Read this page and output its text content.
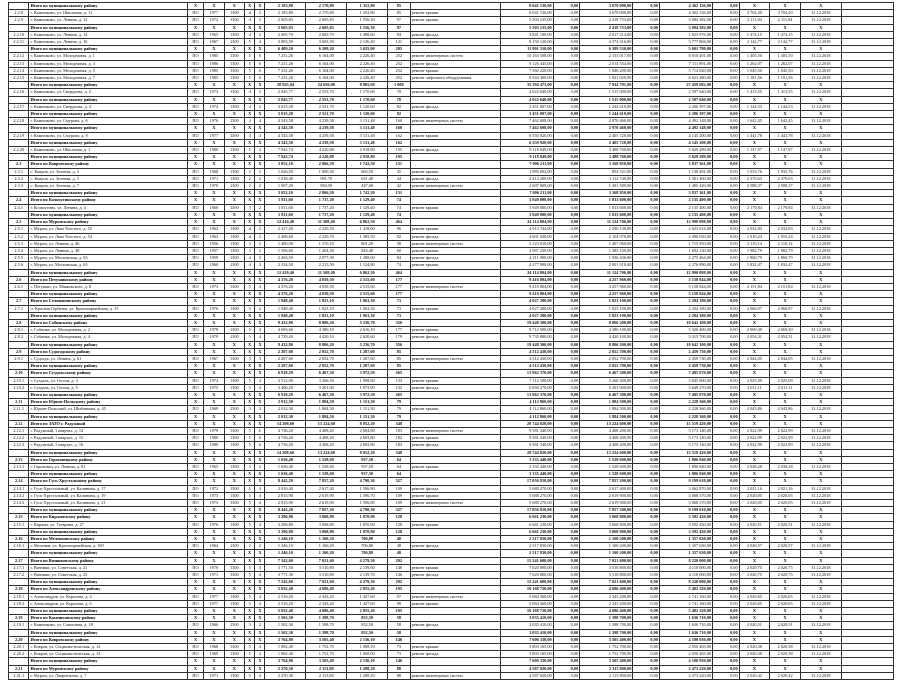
	Итого по муниципальному району	X	X	X	X	X	2 183,80	2 170,80	1 352,80	85		8 041 136,00	0,00	3 679 000,00	0,00	4 362 136,00	0,00	X	X	X	
2.2.8	г. Камешково, ул. Школьная, д. 11	ПО	1977	1300	4	3	2 183,80	2 170,80	1 352,80	85	ремонт крыши	8 041 136,00	0,00	3 679 000,00	0,00	4 362 136,00	0,00	3 704,20	3 704,20	31.12.2018	
2.2.9	г. Камешково, ул. Ленина, д. 12	ПО	1972	1300	4	3	2 605,83	2 605,83	1 556,30	97	ремонт крыши	5 503 135,00	0,00	2 418 753,00	0,00	3 084 382,00	0,00	2 111,84	2 111,84	31.12.2018	
	Итого по муниципальному району	X	X	X	X	X	2 605,83	2 605,83	1 556,30	97		5 503 135,00	0,00	2 418 753,00	0,00	3 084 382,00	0,00	X	X	X	
2.2.10	г. Камешково, ул. Ленина, д. 14	ПО	1965	1300	4	3	2 605,70	2 605,70	1 498,60	84	ремонт фасада	3 841 190,00	0,00	2 017 214,00	0,00	1 823 976,00	0,00	1 474,15	1 474,15	31.12.2018	
2.2.11	г. Камешково, ул. Ленина, д. 16	ПО	1967	1300	5	4	3 803,50	3 603,50	2 126,40	121	ремонт крыши	8 150 120,00	0,00	4 372 316,00	0,00	3 777 804,00	0,00	2 142,77	2 142,77	31.12.2018	
	Итого по муниципальному району	X	X	X	X	X	6 409,20	6 209,20	3 625,00	205		11 991 310,00	0,00	6 389 530,00	0,00	5 601 780,00	0,00	X	X	X	
2.2.12	г. Камешково, ул. Молодежная, д. 1	ПО	1985	1300	5	6	7 231,26	6 164,00	2 226,40	252	ремонт инженерных систем	10 163 508,00	0,00	2 153 017,00	0,00	8 010 491,00	0,00	1 405,50	1 405,50	31.12.2018	
2.2.13	г. Камешково, ул. Молодежная, д. 3	ПО	1986	1300	5	6	7 231,26	6 164,00	2 226,40	252	ремонт фасада	9 126 445,00	0,00	2 014 554,00	0,00	7 111 891,00	0,00	1 262,07	1 262,07	31.12.2018	
2.2.14	г. Камешково, ул. Молодежная, д. 5	ПО	1985	1300	5	6	7 231,26	6 164,00	2 226,40	252	ремонт крыши	7 560 220,00	0,00	1 846 200,00	0,00	5 714 020,00	0,00	1 045,50	1 045,50	31.12.2018	
2.2.15	г. Камешково, ул. Молодежная, д. 7	ПО	1985	1300	5	6	7 231,26	6 164,00	2 226,40	252	ремонт лифтового оборудования	8 544 300,00	0,00	1 921 020,00	0,00	6 623 280,00	0,00	1 181,56	1 181,56	31.12.2018	
	Итого по муниципальному району	X	X	X	X	X	28 925,04	24 656,00	8 905,60	1 008		35 394 473,00	0,00	7 934 791,00	0,00	27 459 682,00	0,00	X	X	X	
2.2.16	г. Камешково, ул. Свердлова, д. 2	ПО	1973	1300	4	3	2 845,77	2 553,70	1 170,60	78	ремонт крыши	4 022 640,00	0,00	1 515 000,00	0,00	2 507 640,00	0,00	1 413,55	1 413,55	31.12.2018	
	Итого по муниципальному району	X	X	X	X	X	2 845,77	2 553,70	1 170,60	78		4 022 640,00	0,00	1 515 000,00	0,00	2 507 640,00	0,00	X	X	X	
2.2.17	г. Камешково, ул. Свердлова, д. 4	ПО	1974	1300	4	3	3 015,28	2 521,70	1 120,60	82	ремонт фасада	3 451 007,00	0,00	1 244 610,00	0,00	2 206 397,00	0,00	1 144,53	1 144,53	31.12.2018	
	Итого по муниципальному району	X	X	X	X	X	3 015,28	2 521,70	1 120,60	82		3 451 007,00	0,00	1 244 610,00	0,00	2 206 397,00	0,00	X	X	X	
2.2.18	г. Камешково, ул. Смурова, д. 6	ПО	1976	1300	4	4	4 543,58	4 239,58	3 131,48	160	ремонт инженерных систем	7 462 608,00	0,00	2 970 460,00	0,00	4 492 148,00	0,00	1 642,45	1 642,45	31.12.2018	
	Итого по муниципальному району	X	X	X	X	X	4 543,58	4 239,58	3 131,48	160		7 462 608,00	0,00	2 970 460,00	0,00	4 492 148,00	0,00	X	X	X	
2.2.19	г. Камешково, ул. Смурова, д. 8	ПО	1977	1300	4	4	4 543,58	4 239,58	3 131,48	162	ремонт крыши	6 550 920,00	0,00	2 405 720,00	0,00	4 145 200,00	0,00	1 441,78	1 441,78	31.12.2018	
	Итого по муниципальному району	X	X	X	X	X	4 543,58	4 239,58	3 131,48	162		6 550 920,00	0,00	2 405 720,00	0,00	4 145 200,00	0,00	X	X	X	
2.2.20	г. Камешково, ул. Школьная, д. 1	ПО	1980	1300	5	4	7 942,74	4 220,88	2 918,80	195	ремонт фасада	9 118 049,00	0,00	3 488 760,00	0,00	5 629 289,00	0,00	1 147,97	1 147,97	31.12.2018	
	Итого по муниципальному району	X	X	X	X	X	7 942,74	4 220,88	2 918,80	195		9 118 049,00	0,00	3 488 760,00	0,00	5 629 289,00	0,00	X	X	X	
2.3	Итого по Ковровскому району	X	X	X	X	X	3 052,10	2 866,50	1 742,50	131		7 006 211,00	0,00	3 168 850,00	0,00	3 837 361,00	0,00	X	X	X	
2.3.1	с. Ковров, ул. Зеленая, д. 3	ПО	1968	1300	2	2	1 026,50	1 000,30	663,50	45	ремонт крыши	1 985 002,00	0,00	854 521,00	0,00	1 130 481,00	0,00	1 933,76	1 933,76	31.12.2018	
2.3.2	с. Ковров, ул. Зеленая, д. 5	ПО	1971	1300	2	2	1 018,40	981,70	631,40	44	ремонт фасада	2 414 200,00	0,00	1 112 740,00	0,00	1 301 460,00	0,00	2 370,63	2 370,63	31.12.2018	
2.3.3	с. Ковров, ул. Зеленая, д. 7	ПО	1970	1300	2	2	1 007,20	884,50	447,60	42	ремонт инженерных систем	2 607 009,00	0,00	1 201 589,00	0,00	1 405 420,00	0,00	2 588,37	2 588,37	31.12.2018	
	Итого по муниципальному району	X	X	X	X	X	3 052,10	2 866,50	1 742,50	131		7 006 211,00	0,00	3 168 850,00	0,00	3 837 361,00	0,00	X	X	X	
2.4	Итого по Кольчугинскому району	X	X	X	X	X	1 811,60	1 737,20	1 129,40	74		3 949 000,00	0,00	1 813 600,00	0,00	2 135 400,00	0,00	X	X	X	
2.4.1	г. Кольчугино, ул. Ленина, д. 4	ПО	1960	1300	3	2	1 811,60	1 737,20	1 129,40	74	ремонт крыши	3 949 000,00	0,00	1 813 600,00	0,00	2 135 400,00	0,00	2 179,84	2 179,84	31.12.2018	
	Итого по муниципальному району	X	X	X	X	X	1 811,60	1 737,20	1 129,40	74		3 949 000,00	0,00	1 813 600,00	0,00	2 135 400,00	0,00	X	X	X	
2.5	Итого по Муромскому району	X	X	X	X	X	12 410,40	11 508,40	6 862,50	464		24 114 804,00	0,00	11 124 706,00	0,00	12 990 098,00	0,00	X	X	X	
2.5.1	г. Муром, ул. Льва Толстого, д. 52	ПО	1962	1300	4	3	2 417,20	2 220,50	1 418,00	96	ремонт крыши	4 913 744,00	0,00	2 290 130,00	0,00	2 623 614,00	0,00	2 032,83	2 032,83	31.12.2018	
2.5.2	г. Муром, ул. Льва Толстого, д. 54	ПО	1963	1300	4	3	2 408,60	2 220,70	1 385,50	92	ремонт фасада	4 601 020,00	0,00	2 104 970,00	0,00	2 496 050,00	0,00	1 910,24	1 910,24	31.12.2018	
2.5.3	г. Муром, ул. Ленина, д. 46	ПО	1956	1300	3	2	1 480,00	1 370,10	801,20	58	ремонт инженерных систем	3 123 010,00	0,00	1 407 060,00	0,00	1 715 950,00	0,00	2 110,14	2 110,14	31.12.2018	
2.5.4	г. Муром, ул. Ленина, д. 48	ПО	1957	1300	3	2	1 506,60	1 404,30	844,40	60	ремонт крыши	2 987 230,00	0,00	1 385 100,00	0,00	1 602 130,00	0,00	1 982,79	1 982,79	31.12.2018	
2.5.5	г. Муром, ул. Московская, д. 63	ПО	1959	1300	4	3	2 263,50	2 077,30	1 288,60	84	ремонт фасада	4 211 900,00	0,00	1 936 436,00	0,00	2 275 464,00	0,00	1 860,79	1 860,79	31.12.2018	
2.5.6	г. Муром, ул. Московская, д. 65	ПО	1960	1300	4	3	2 334,50	2 215,50	1 124,80	74	ремонт крыши	4 277 900,00	0,00	2 001 010,00	0,00	2 276 890,00	0,00	1 832,47	1 832,47	31.12.2018	
	Итого по муниципальному району	X	X	X	X	X	12 410,40	11 508,40	6 862,50	464		24 114 804,00	0,00	11 124 706,00	0,00	12 990 098,00	0,00	X	X	X	
2.6	Итого по Петушинскому району	X	X	X	X	X	4 376,20	4 039,50	2 515,60	177		9 416 804,00	0,00	4 257 960,00	0,00	5 158 844,00	0,00	X	X	X	
2.6.1	г. Петушки, ул. Маяковского, д. 8	ПО	1973	1300	5	4	4 376,20	4 039,50	2 515,60	177	ремонт инженерных систем	9 416 804,00	0,00	4 257 960,00	0,00	5 158 844,00	0,00	2 151,84	2 151,84	31.12.2018	
	Итого по муниципальному району	X	X	X	X	X	4 376,20	4 039,50	2 515,60	177		9 416 804,00	0,00	4 257 960,00	0,00	5 158 844,00	0,00	X	X	X	
2.7	Итого по Селивановскому району	X	X	X	X	X	1 948,40	1 823,10	1 063,30	73		4 027 280,00	0,00	1 823 100,00	0,00	2 204 180,00	0,00	X	X	X	
2.7.1	п. Красная Горбатка, ул. Красноармейская, д. 15	ПО	1976	1300	3	2	1 948,40	1 823,10	1 063,30	73	ремонт крыши	4 027 280,00	0,00	1 823 100,00	0,00	2 204 180,00	0,00	2 066,97	2 066,97	31.12.2018	
	Итого по муниципальному району	X	X	X	X	X	1 948,40	1 823,10	1 063,30	73		4 027 280,00	0,00	1 823 100,00	0,00	2 204 180,00	0,00	X	X	X	
2.8	Итого по Собинскому району	X	X	X	X	X	9 432,80	8 806,20	5 236,70	356		19 448 300,00	0,00	8 806 200,00	0,00	10 642 100,00	0,00	X	X	X	
2.8.1	г. Собинка, ул. Молодежная, д. 2	ПО	1978	1300	5	4	4 693,60	4 386,10	2 616,10	177	ремонт крыши	9 712 500,00	0,00	4 386 100,00	0,00	5 326 400,00	0,00	2 069,30	2 069,30	31.12.2018	
2.8.2	г. Собинка, ул. Молодежная, д. 4	ПО	1979	1300	5	4	4 739,20	4 420,10	2 620,60	179	ремонт фасада	9 735 800,00	0,00	4 420 100,00	0,00	5 315 700,00	0,00	2 054,31	2 054,31	31.12.2018	
	Итого по муниципальному району	X	X	X	X	X	9 432,80	8 806,20	5 236,70	356		19 448 300,00	0,00	8 806 200,00	0,00	10 642 100,00	0,00	X	X	X	
2.9	Итого по Судогодскому району	X	X	X	X	X	2 207,60	2 052,70	1 287,60	85		4 512 430,00	0,00	2 052 700,00	0,00	2 459 730,00	0,00	X	X	X	
2.9.1	г. Судогда, ул. Ленина, д. 61	ПО	1967	1300	3	3	2 207,60	2 052,70	1 287,60	85	ремонт инженерных систем	4 512 430,00	0,00	2 052 700,00	0,00	2 459 730,00	0,00	2 044,05	2 044,05	31.12.2018	
	Итого по муниципальному району	X	X	X	X	X	2 207,60	2 052,70	1 287,60	85		4 512 430,00	0,00	2 052 700,00	0,00	2 459 730,00	0,00	X	X	X	
2.10	Итого по Суздальскому району	X	X	X	X	X	6 918,20	6 467,30	3 972,50	265		13 962 370,00	0,00	6 467 300,00	0,00	7 495 070,00	0,00	X	X	X	
2.10.1	г. Суздаль, ул. Гоголя, д. 3	ПО	1974	1300	5	4	3 512,00	3 266,30	1 998,60	133	ремонт крыши	7 112 100,00	0,00	3 266 300,00	0,00	3 845 800,00	0,00	2 025,09	2 025,09	31.12.2018	
2.10.2	г. Суздаль, ул. Гоголя, д. 5	ПО	1975	1300	5	4	3 406,20	3 201,00	1 973,90	132	ремонт фасада	6 850 270,00	0,00	3 201 000,00	0,00	3 649 270,00	0,00	2 011,11	2 011,11	31.12.2018	
	Итого по муниципальному району	X	X	X	X	X	6 918,20	6 467,30	3 972,50	265		13 962 370,00	0,00	6 467 300,00	0,00	7 495 070,00	0,00	X	X	X	
2.11	Итого по Юрьев-Польскому району	X	X	X	X	X	2 012,30	1 884,50	1 151,30	79		4 112 860,00	0,00	1 884 500,00	0,00	2 228 360,00	0,00	X	X	X	
2.11.1	г. Юрьев-Польский, ул. Шибанкова, д. 45	ПО	1969	1300	3	3	2 012,30	1 884,50	1 151,30	79	ремонт крыши	4 112 860,00	0,00	1 884 500,00	0,00	2 228 360,00	0,00	2 043,86	2 043,86	31.12.2018	
	Итого по муниципальному району	X	X	X	X	X	2 012,30	1 884,50	1 151,30	79		4 112 860,00	0,00	1 884 500,00	0,00	2 228 360,00	0,00	X	X	X	
2.12	Итого по ЗАТО г. Радужный	X	X	X	X	X	14 208,60	13 224,60	8 052,20	548		28 744 020,00	0,00	13 224 600,00	0,00	15 519 420,00	0,00	X	X	X	
2.12.1	г. Радужный, 1 квартал, д. 14	ПО	1979	1300	5	6	4 736,20	4 408,20	2 684,60	183	ремонт инженерных систем	9 581 340,00	0,00	4 408 200,00	0,00	5 173 140,00	0,00	2 022,99	2 022,99	31.12.2018	
2.12.2	г. Радужный, 1 квартал, д. 15	ПО	1980	1300	5	6	4 736,20	4 408,20	2 683,80	182	ремонт крыши	9 581 340,00	0,00	4 408 200,00	0,00	5 173 140,00	0,00	2 022,99	2 022,99	31.12.2018	
2.12.3	г. Радужный, 1 квартал, д. 16	ПО	1980	1300	5	6	4 736,20	4 408,20	2 683,80	183	ремонт фасада	9 581 340,00	0,00	4 408 200,00	0,00	5 173 140,00	0,00	2 022,99	2 022,99	31.12.2018	
	Итого по муниципальному району	X	X	X	X	X	14 208,60	13 224,60	8 052,20	548		28 744 020,00	0,00	13 224 600,00	0,00	15 519 420,00	0,00	X	X	X	
2.13	Итого по Гороховецкому району	X	X	X	X	X	1 636,40	1 528,60	937,50	64		3 335 440,00	0,00	1 528 600,00	0,00	1 806 840,00	0,00	X	X	X	
2.13.1	г. Гороховец, ул. Ленина, д. 81	ПО	1965	1300	3	2	1 636,40	1 528,60	937,50	64	ремонт крыши	3 335 440,00	0,00	1 528 600,00	0,00	1 806 840,00	0,00	2 038,28	2 038,28	31.12.2018	
	Итого по муниципальному району	X	X	X	X	X	1 636,40	1 528,60	937,50	64		3 335 440,00	0,00	1 528 600,00	0,00	1 806 840,00	0,00	X	X	X	
2.14	Итого по Гусь-Хрустальному району	X	X	X	X	X	8 442,20	7 857,20	4 790,30	327		17 056 810,00	0,00	7 857 200,00	0,00	9 199 610,00	0,00	X	X	X	
2.14.1	г. Гусь-Хрустальный, ул. Калинина, д. 17	ПО	1972	1300	5	4	2 810,40	2 617,40	1 596,80	109	ремонт фасада	5 680 270,00	0,00	2 617 400,00	0,00	3 062 870,00	0,00	2 021,16	2 021,16	31.12.2018	
2.14.2	г. Гусь-Хрустальный, ул. Калинина, д. 19	ПО	1973	1300	5	4	2 815,90	2 619,90	1 596,70	109	ремонт крыши	5 688 270,00	0,00	2 619 900,00	0,00	3 068 370,00	0,00	2 020,05	2 020,05	31.12.2018	
2.14.3	г. Гусь-Хрустальный, ул. Калинина, д. 21	ПО	1973	1300	5	4	2 815,90	2 619,90	1 596,80	109	ремонт инженерных систем	5 688 270,00	0,00	2 619 900,00	0,00	3 068 370,00	0,00	2 020,05	2 020,05	31.12.2018	
	Итого по муниципальному району	X	X	X	X	X	8 442,20	7 857,20	4 790,30	327		17 056 810,00	0,00	7 857 200,00	0,00	9 199 610,00	0,00	X	X	X	
2.15	Итого по Киржачскому району	X	X	X	X	X	3 296,80	3 068,80	1 870,90	128		6 661 230,00	0,00	3 068 800,00	0,00	3 592 430,00	0,00	X	X	X	
2.15.1	г. Киржач, ул. Гагарина, д. 27	ПО	1976	1300	5	4	3 296,80	3 068,80	1 870,90	128	ремонт крыши	6 661 230,00	0,00	3 068 800,00	0,00	3 592 430,00	0,00	2 020,51	2 020,51	31.12.2018	
	Итого по муниципальному району	X	X	X	X	X	3 296,80	3 068,80	1 870,90	128		6 661 230,00	0,00	3 068 800,00	0,00	3 592 430,00	0,00	X	X	X	
2.16	Итого по Меленковскому району	X	X	X	X	X	1 246,10	1 160,20	706,80	48		2 517 830,00	0,00	1 160 200,00	0,00	1 357 630,00	0,00	X	X	X	
2.16.1	г. Меленки, ул. Красноармейская, д. 100	ПО	1964	1300	2	2	1 246,10	1 160,20	706,80	48	ремонт фасада	2 517 830,00	0,00	1 160 200,00	0,00	1 357 630,00	0,00	2 020,57	2 020,57	31.12.2018	
	Итого по муниципальному району	X	X	X	X	X	1 246,10	1 160,20	706,80	48		2 517 830,00	0,00	1 160 200,00	0,00	1 357 630,00	0,00	X	X	X	
2.17	Итого по Вязниковскому району	X	X	X	X	X	7 542,60	7 021,60	4 279,30	292		15 241 600,00	0,00	7 021 600,00	0,00	8 220 000,00	0,00	X	X	X	
2.17.1	г. Вязники, ул. Советская, д. 21	ПО	1970	1300	5	4	3 771,30	3 510,80	2 139,60	146	ремонт крыши	7 620 800,00	0,00	3 510 800,00	0,00	4 110 000,00	0,00	2 020,75	2 020,75	31.12.2018	
2.17.2	г. Вязники, ул. Советская, д. 23	ПО	1971	1300	5	4	3 771,30	3 510,80	2 139,70	146	ремонт фасада	7 620 800,00	0,00	3 510 800,00	0,00	4 110 000,00	0,00	2 020,75	2 020,75	31.12.2018	
	Итого по муниципальному району	X	X	X	X	X	7 542,60	7 021,60	4 279,30	292		15 241 600,00	0,00	7 021 600,00	0,00	8 220 000,00	0,00	X	X	X	
2.18	Итого по Александровскому району	X	X	X	X	X	5 032,40	4 686,40	2 855,20	195		10 168 720,00	0,00	4 686 400,00	0,00	5 482 320,00	0,00	X	X	X	
2.18.1	г. Александров, ул. Королева, д. 4	ПО	1977	1300	5	4	2 516,20	2 343,20	1 427,60	97	ремонт инженерных систем	5 084 360,00	0,00	2 343 200,00	0,00	2 741 160,00	0,00	2 020,65	2 020,65	31.12.2018	
2.18.2	г. Александров, ул. Королева, д. 6	ПО	1977	1300	5	4	2 516,20	2 343,20	1 427,60	98	ремонт крыши	5 084 360,00	0,00	2 343 200,00	0,00	2 741 160,00	0,00	2 020,65	2 020,65	31.12.2018	
	Итого по муниципальному району	X	X	X	X	X	5 032,40	4 686,40	2 855,20	195		10 168 720,00	0,00	4 686 400,00	0,00	5 482 320,00	0,00	X	X	X	
2.19	Итого по Камешковскому району	X	X	X	X	X	1 502,30	1 398,70	852,50	58		3 035 410,00	0,00	1 398 700,00	0,00	1 636 710,00	0,00	X	X	X	
2.19.1	г. Камешково, ул. Совхозная, д. 18	ПО	1966	1300	3	2	1 502,30	1 398,70	852,50	58	ремонт фасада	3 035 410,00	0,00	1 398 700,00	0,00	1 636 710,00	0,00	2 020,51	2 020,51	31.12.2018	
	Итого по муниципальному району	X	X	X	X	X	1 502,30	1 398,70	852,50	58		3 035 410,00	0,00	1 398 700,00	0,00	1 636 710,00	0,00	X	X	X	
2.20	Итого по Ковровскому району	X	X	X	X	X	3 764,80	3 505,40	2 136,10	146		7 606 330,00	0,00	3 505 400,00	0,00	4 100 930,00	0,00	X	X	X	
2.20.1	г. Ковров, ул. Социалистическая, д. 12	ПО	1968	1300	5	4	1 882,40	1 752,70	1 068,10	73	ремонт крыши	3 803 165,00	0,00	1 752 700,00	0,00	2 050 465,00	0,00	2 020,38	2 020,38	31.12.2018	
2.20.2	г. Ковров, ул. Социалистическая, д. 14	ПО	1969	1300	5	4	1 882,40	1 752,70	1 068,00	73	ремонт фасада	3 803 165,00	0,00	1 752 700,00	0,00	2 050 465,00	0,00	2 020,38	2 020,38	31.12.2018	
	Итого по муниципальному району	X	X	X	X	X	3 764,80	3 505,40	2 136,10	146		7 606 330,00	0,00	3 505 400,00	0,00	4 100 930,00	0,00	X	X	X	
2.21	Итого по Муромскому району	X	X	X	X	X	2 270,30	2 113,80	1 288,20	88		4 587 020,00	0,00	2 113 800,00	0,00	2 473 220,00	0,00	X	X	X	
2.21.1	г. Муром, ул. Лаврентьева, д. 7	ПО	1971	1300	5	4	2 270,30	2 113,80	1 288,20	88	ремонт инженерных систем	4 587 020,00	0,00	2 113 800,00	0,00	2 473 220,00	0,00	2 020,42	2 020,42	31.12.2018	
